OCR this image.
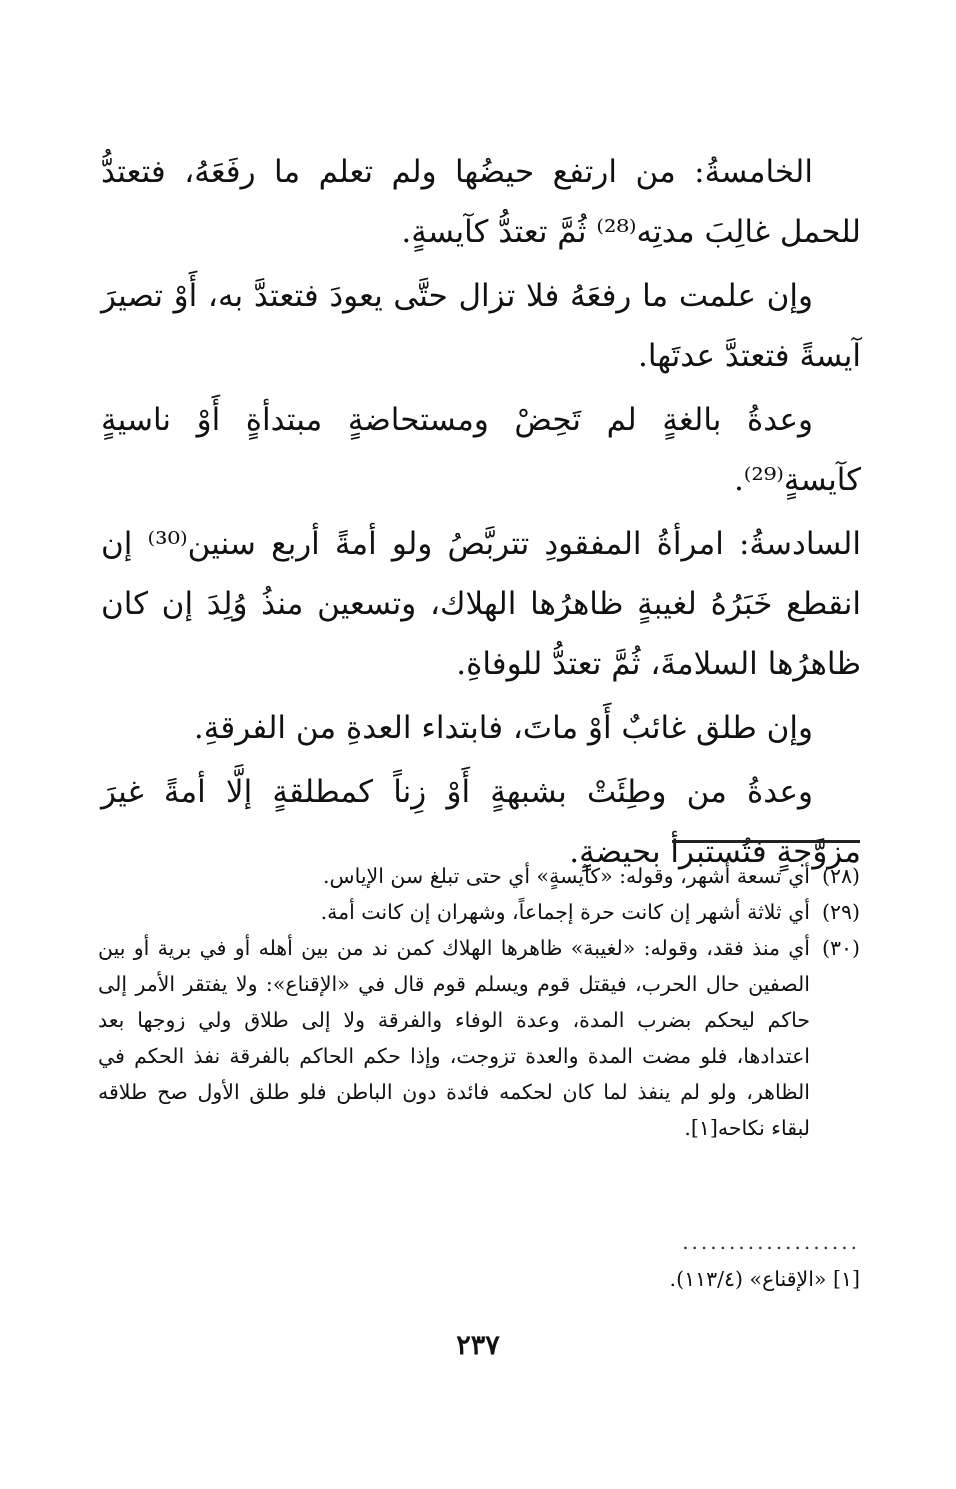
الخامسةُ: من ارتفع حيضُها ولم تعلم ما رفَعَهُ، فتعتدُّ للحمل غالِبَ مدتِه⁽²⁸⁾ ثُمَّ تعتدُّ كآيسةٍ.

وإن علمت ما رفعَهُ فلا تزال حتَّى يعودَ فتعتدَّ به، أَوْ تصيرَ آيسةً فتعتدَّ عدتَها.

وعدةُ بالغةٍ لم تَحِضْ ومستحاضةٍ مبتدأةٍ أَوْ ناسيةٍ كآيسةٍ⁽²⁹⁾.

السادسةُ: امرأةُ المفقودِ تتربَّصُ ولو أمةً أربع سنين⁽³⁰⁾ إن انقطع خَبَرُهُ لغيبةٍ ظاهرُها الهلاك، وتسعين منذُ وُلِدَ إن كان ظاهرُها السلامةَ، ثُمَّ تعتدُّ للوفاةِ.

وإن طلق غائبٌ أَوْ ماتَ، فابتداء العدةِ من الفرقةِ.

وعدةُ من وطِئَتْ بشبهةٍ أَوْ زِناً كمطلقةٍ إلَّا أمةً غيرَ مزوَّجةٍ فتُستبرأ بحيضةٍ.

(٢٨)
أي تسعة أشهر، وقوله: «كآيسةٍ» أي حتى تبلغ سن الإياس.
(٢٩)
أي ثلاثة أشهر إن كانت حرة إجماعاً، وشهران إن كانت أمة.
(٣٠)
أي منذ فقد، وقوله: «لغيبة» ظاهرها الهلاك كمن ند من بين أهله أو في برية أو بين الصفين حال الحرب، فيقتل قوم ويسلم قوم قال في «الإقناع»: ولا يفتقر الأمر إلى حاكم ليحكم بضرب المدة، وعدة الوفاء والفرقة ولا إلى طلاق ولي زوجها بعد اعتدادها، فلو مضت المدة والعدة تزوجت، وإذا حكم الحاكم بالفرقة نفذ الحكم في الظاهر، ولو لم ينفذ لما كان لحكمه فائدة دون الباطن فلو طلق الأول صح طلاقه لبقاء نكاحه[١].
...................
[١] «الإقناع» (١١٣/٤).
٢٣٧
